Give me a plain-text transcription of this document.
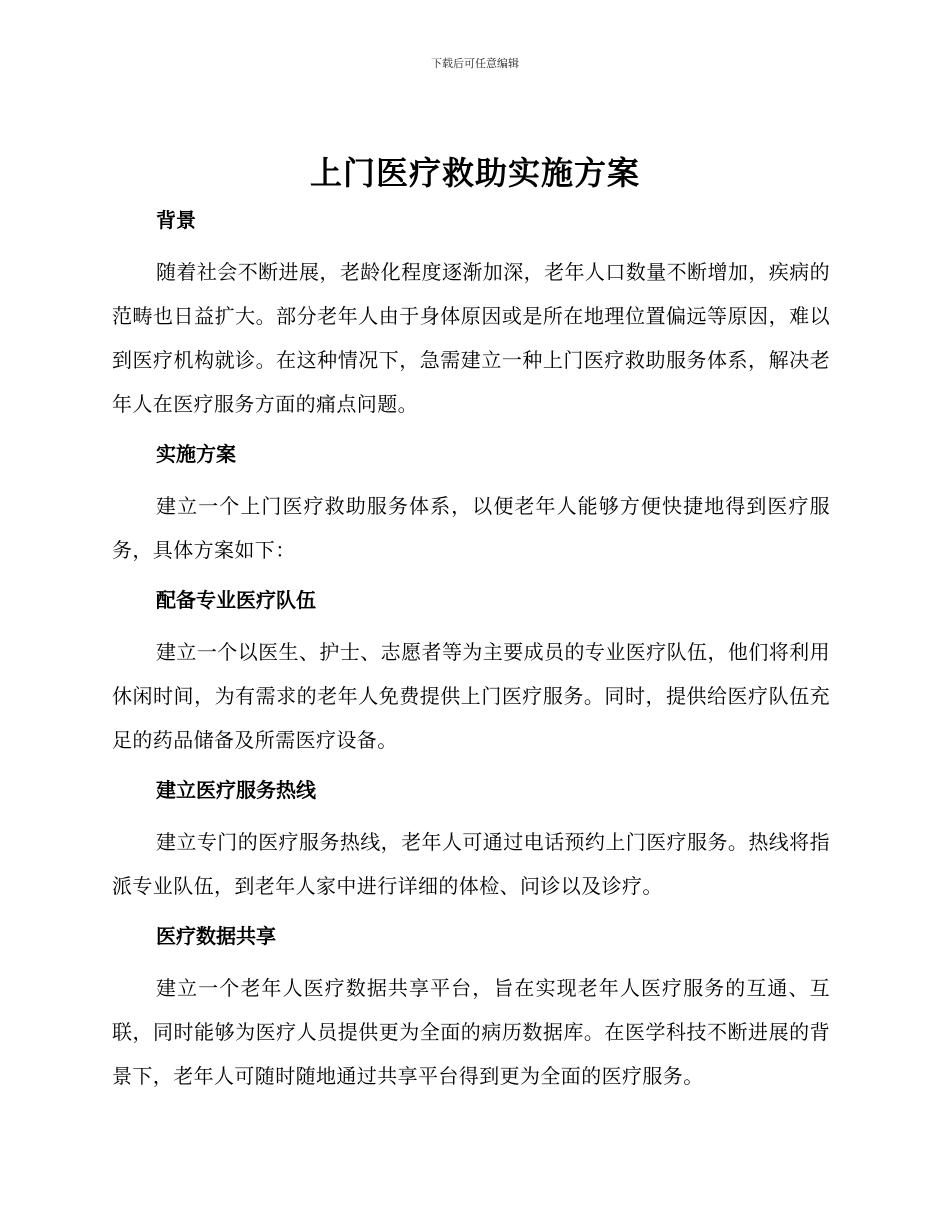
下载后可任意编辑
上门医疗救助实施方案
背景

随着社会不断进展，老龄化程度逐渐加深，老年人口数量不断增加，疾病的范畴也日益扩大。部分老年人由于身体原因或是所在地理位置偏远等原因，难以到医疗机构就诊。在这种情况下，急需建立一种上门医疗救助服务体系，解决老年人在医疗服务方面的痛点问题。

实施方案

建立一个上门医疗救助服务体系，以便老年人能够方便快捷地得到医疗服务，具体方案如下：

配备专业医疗队伍

建立一个以医生、护士、志愿者等为主要成员的专业医疗队伍，他们将利用休闲时间，为有需求的老年人免费提供上门医疗服务。同时，提供给医疗队伍充足的药品储备及所需医疗设备。

建立医疗服务热线

建立专门的医疗服务热线，老年人可通过电话预约上门医疗服务。热线将指派专业队伍，到老年人家中进行详细的体检、问诊以及诊疗。

医疗数据共享

建立一个老年人医疗数据共享平台，旨在实现老年人医疗服务的互通、互联，同时能够为医疗人员提供更为全面的病历数据库。在医学科技不断进展的背景下，老年人可随时随地通过共享平台得到更为全面的医疗服务。
